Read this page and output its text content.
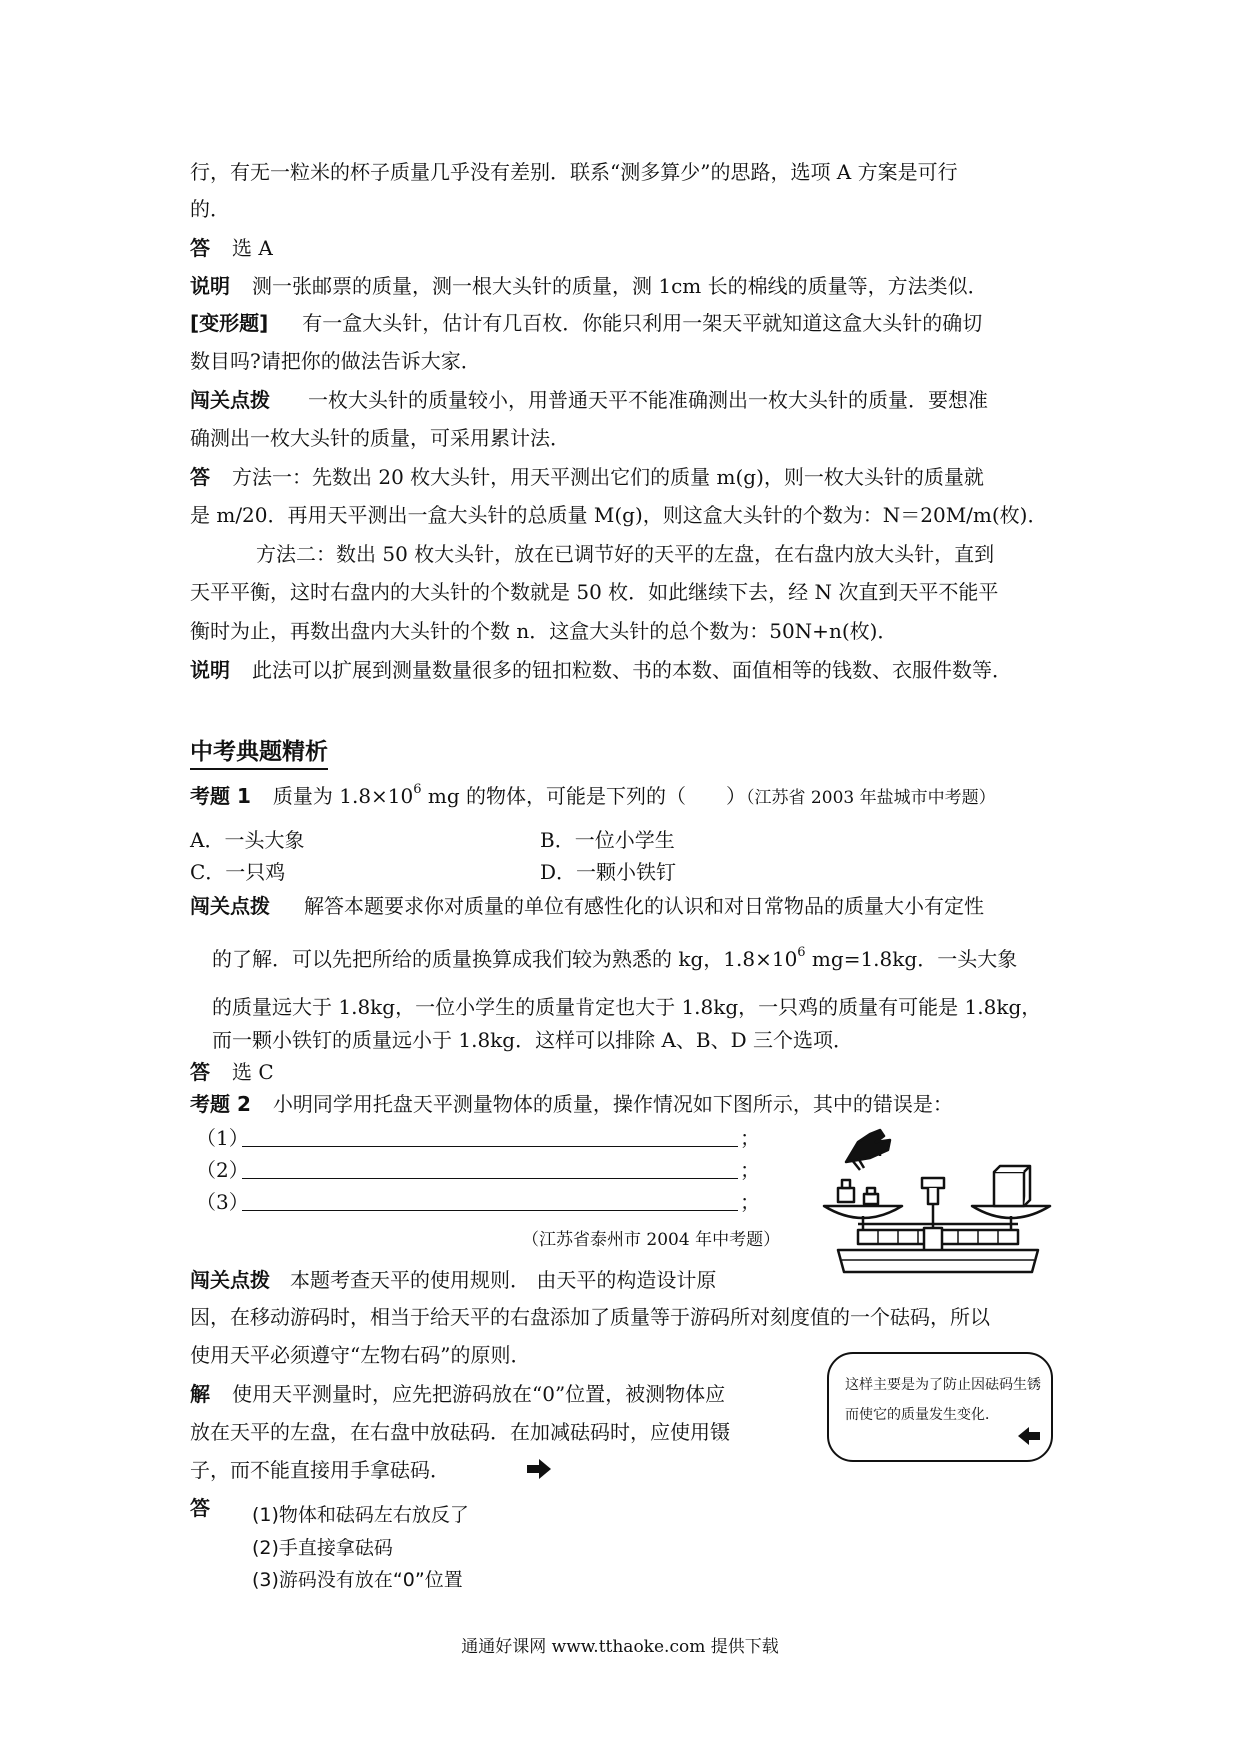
行，有无一粒米的杯子质量几乎没有差别．联系“测多算少”的思路，选项 A 方案是可行
的．
答 选 A
说明 测一张邮票的质量，测一根大头针的质量，测 1cm 长的棉线的质量等，方法类似．
[变形题] 有一盒大头针，估计有几百枚．你能只利用一架天平就知道这盒大头针的确切
数目吗?请把你的做法告诉大家．
闯关点拨 一枚大头针的质量较小，用普通天平不能准确测出一枚大头针的质量．要想准
确测出一枚大头针的质量，可采用累计法．
答 方法一：先数出 20 枚大头针，用天平测出它们的质量 m(g)，则一枚大头针的质量就
是 m/20．再用天平测出一盒大头针的总质量 M(g)，则这盒大头针的个数为：N＝20M/m(枚)．
方法二：数出 50 枚大头针，放在已调节好的天平的左盘，在右盘内放大头针，直到
天平平衡，这时右盘内的大头针的个数就是 50 枚．如此继续下去，经 N 次直到天平不能平
衡时为止，再数出盘内大头针的个数 n．这盒大头针的总个数为：50N+n(枚)．
说明 此法可以扩展到测量数量很多的钮扣粒数、书的本数、面值相等的钱数、衣服件数等．
中考典题精析
考题 1 质量为 $1.8\times 10^6$ mg 的物体，可能是下列的（　　）（江苏省 2003 年盐城市中考题）
A．一头大象	B．一位小学生
C．一只鸡	D．一颗小铁钉
闯关点拨 解答本题要求你对质量的单位有感性化的认识和对日常物品的质量大小有定性
的了解．可以先把所给的质量换算成我们较为熟悉的 kg，$1.8\times 10^6$ mg=1.8kg．一头大象
的质量远大于 1.8kg，一位小学生的质量肯定也大于 1.8kg，一只鸡的质量有可能是 1.8kg，
而一颗小铁钉的质量远小于 1.8kg．这样可以排除 A、B、D 三个选项．
答 选 C
考题 2 小明同学用托盘天平测量物体的质量，操作情况如下图所示，其中的错误是：
（1）	；
（2）	；
（3）	；
（江苏省泰州市 2004 年中考题）
闯关点拨 本题考查天平的使用规则． 由天平的构造设计原
因，在移动游码时，相当于给天平的右盘添加了质量等于游码所对刻度值的一个砝码，所以
使用天平必须遵守“左物右码”的原则．
解 使用天平测量时，应先把游码放在“0”位置，被测物体应
放在天平的左盘，在右盘中放砝码．在加减砝码时，应使用镊
子，而不能直接用手拿砝码．
这样主要是为了防止因砝码生锈而使它的质量发生变化．
答	(1)物体和砝码左右放反了
(2)手直接拿砝码
(3)游码没有放在“0”位置
通通好课网 www.tthaoke.com 提供下载
